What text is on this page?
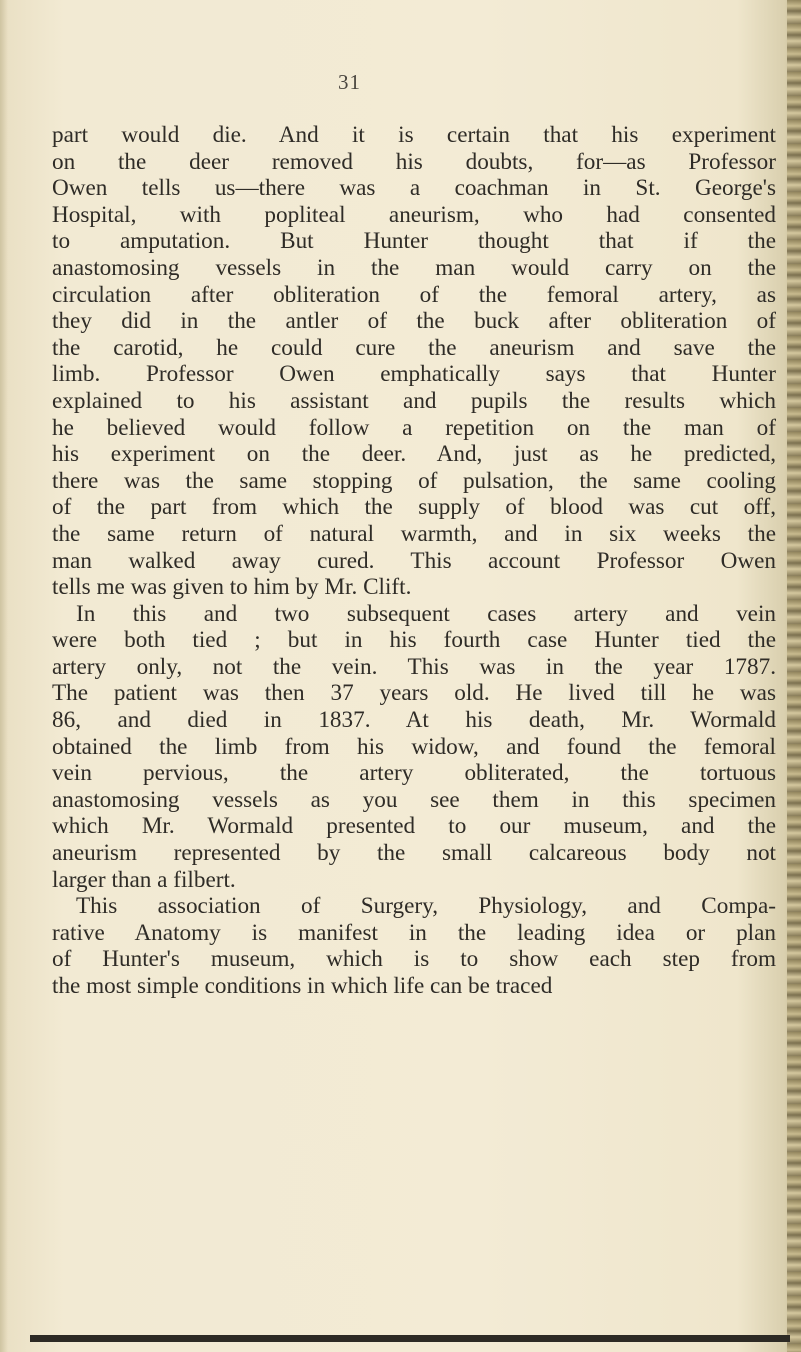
31
part would die. And it is certain that his experiment
on the deer removed his doubts, for—as Professor
Owen tells us—there was a coachman in St. George's
Hospital, with popliteal aneurism, who had consented
to amputation. But Hunter thought that if the
anastomosing vessels in the man would carry on the
circulation after obliteration of the femoral artery, as
they did in the antler of the buck after obliteration of
the carotid, he could cure the aneurism and save the
limb. Professor Owen emphatically says that Hunter
explained to his assistant and pupils the results which
he believed would follow a repetition on the man of
his experiment on the deer. And, just as he predicted,
there was the same stopping of pulsation, the same cooling
of the part from which the supply of blood was cut off,
the same return of natural warmth, and in six weeks the
man walked away cured. This account Professor Owen
tells me was given to him by Mr. Clift.
In this and two subsequent cases artery and vein
were both tied ; but in his fourth case Hunter tied the
artery only, not the vein. This was in the year 1787.
The patient was then 37 years old. He lived till he was
86, and died in 1837. At his death, Mr. Wormald
obtained the limb from his widow, and found the femoral
vein pervious, the artery obliterated, the tortuous
anastomosing vessels as you see them in this specimen
which Mr. Wormald presented to our museum, and the
aneurism represented by the small calcareous body not
larger than a filbert.
This association of Surgery, Physiology, and Compa-
rative Anatomy is manifest in the leading idea or plan
of Hunter's museum, which is to show each step from
the most simple conditions in which life can be traced
